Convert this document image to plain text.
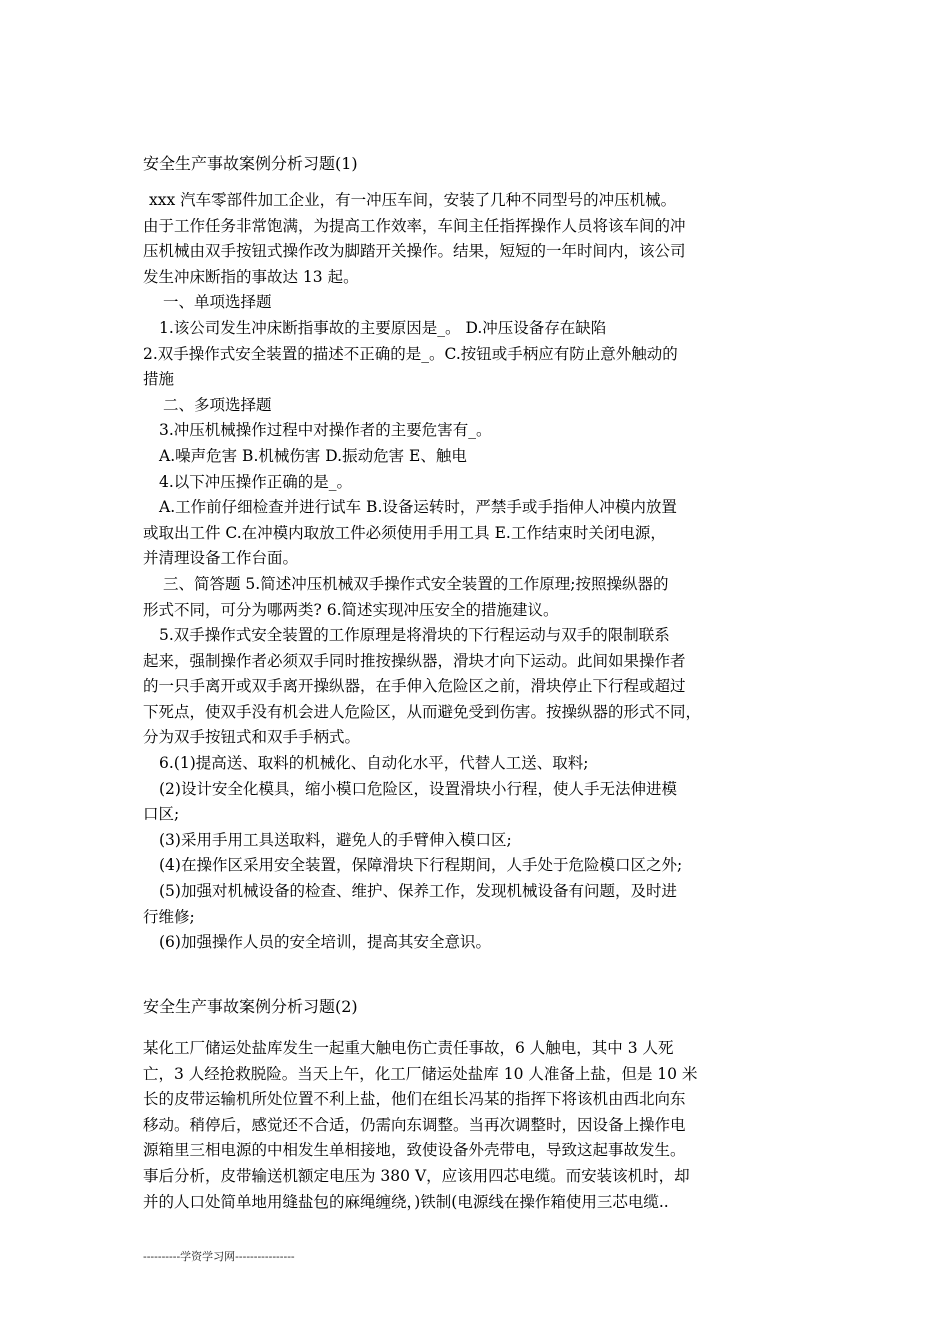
安全生产事故案例分析习题(1)

xxx 汽车零部件加工企业，有一冲压车间，安装了几种不同型号的冲压机械。

由于工作任务非常饱满，为提高工作效率，车间主任指挥操作人员将该车间的冲

压机械由双手按钮式操作改为脚踏开关操作。结果，短短的一年时间内，该公司

发生冲床断指的事故达 13 起。

一、单项选择题

1.该公司发生冲床断指事故的主要原因是_。 D.冲压设备存在缺陷

2.双手操作式安全装置的描述不正确的是_。C.按钮或手柄应有防止意外触动的

措施

二、多项选择题

3.冲压机械操作过程中对操作者的主要危害有_。

A.噪声危害 B.机械伤害 D.振动危害 E、触电

4.以下冲压操作正确的是_。

A.工作前仔细检查并进行试车 B.设备运转时，严禁手或手指伸人冲模内放置

或取出工件 C.在冲模内取放工件必须使用手用工具 E.工作结束时关闭电源，

并清理设备工作台面。

三、简答题 5.简述冲压机械双手操作式安全装置的工作原理;按照操纵器的

形式不同，可分为哪两类? 6.简述实现冲压安全的措施建议。

5.双手操作式安全装置的工作原理是将滑块的下行程运动与双手的限制联系

起来，强制操作者必须双手同时推按操纵器，滑块才向下运动。此间如果操作者

的一只手离开或双手离开操纵器，在手伸入危险区之前，滑块停止下行程或超过

下死点，使双手没有机会进人危险区，从而避免受到伤害。按操纵器的形式不同，

分为双手按钮式和双手手柄式。

6.(1)提高送、取料的机械化、自动化水平，代替人工送、取料;

(2)设计安全化模具，缩小模口危险区，设置滑块小行程，使人手无法伸进模

口区;

(3)采用手用工具送取料，避免人的手臂伸入模口区;

(4)在操作区采用安全装置，保障滑块下行程期间，人手处于危险模口区之外;

(5)加强对机械设备的检查、维护、保养工作，发现机械设备有问题，及时进

行维修;

(6)加强操作人员的安全培训，提高其安全意识。

安全生产事故案例分析习题(2)

某化工厂储运处盐库发生一起重大触电伤亡责任事故，6 人触电，其中 3 人死

亡，3 人经抢救脱险。当天上午，化工厂储运处盐库 10 人准备上盐，但是 10 米

长的皮带运输机所处位置不利上盐，他们在组长冯某的指挥下将该机由西北向东

移动。稍停后，感觉还不合适，仍需向东调整。当再次调整时，因设备上操作电

源箱里三相电源的中相发生单相接地，致使设备外壳带电，导致这起事故发生。

事后分析，皮带输送机额定电压为 380 V，应该用四芯电缆。而安装该机时，却

并的人口处简单地用缝盐包的麻绳缠绕，)铁制(电源线在操作箱使用三芯电缆..

----------学资学习网----------------
